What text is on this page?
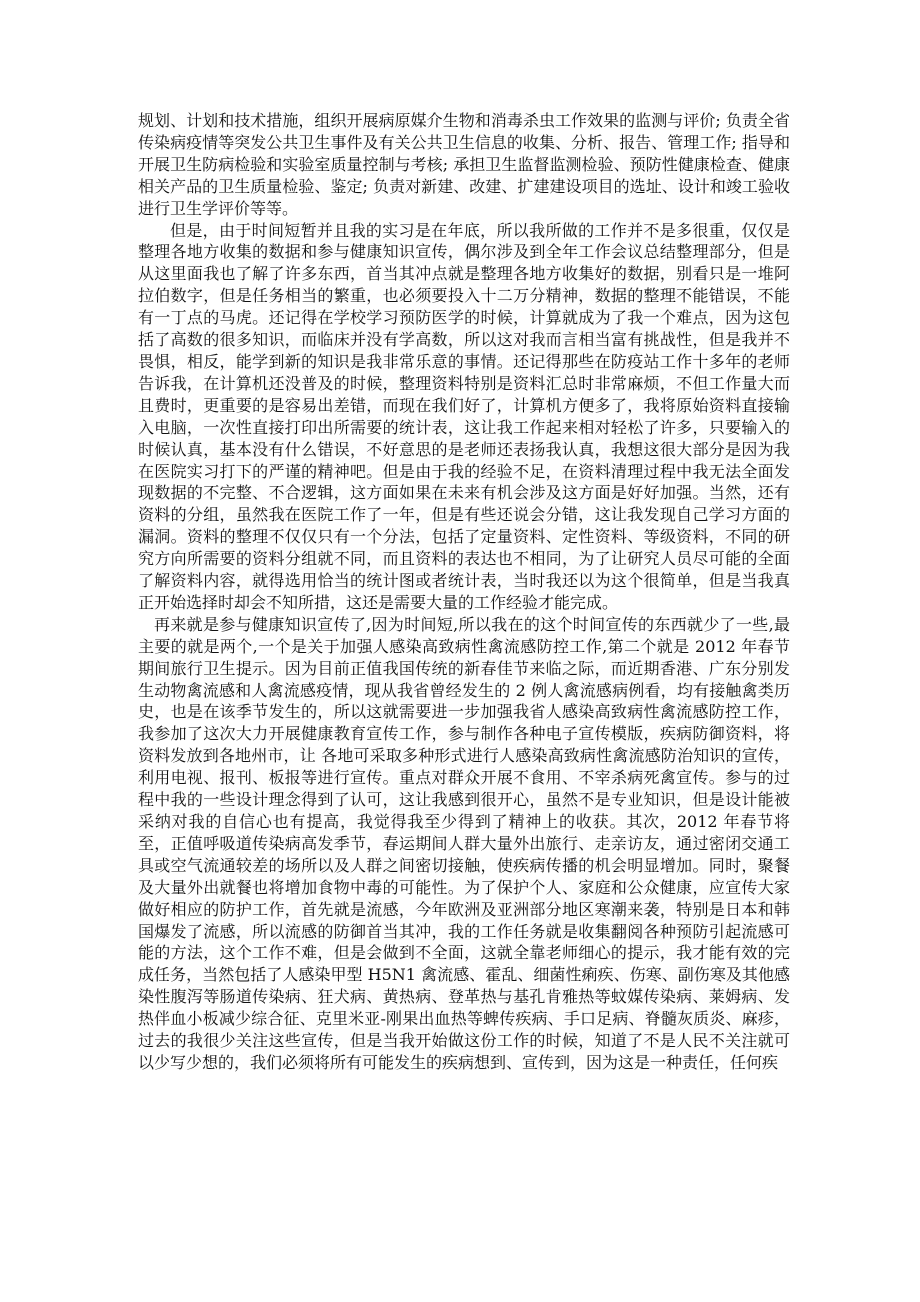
规划、计划和技术措施，组织开展病原媒介生物和消毒杀虫工作效果的监测与评价; 负责全省传染病疫情等突发公共卫生事件及有关公共卫生信息的收集、分析、报告、管理工作; 指导和开展卫生防病检验和实验室质量控制与考核; 承担卫生监督监测检验、预防性健康检查、健康相关产品的卫生质量检验、鉴定; 负责对新建、改建、扩建建设项目的选址、设计和竣工验收进行卫生学评价等等。

但是，由于时间短暂并且我的实习是在年底，所以我所做的工作并不是多很重，仅仅是整理各地方收集的数据和参与健康知识宣传，偶尔涉及到全年工作会议总结整理部分，但是从这里面我也了解了许多东西，首当其冲点就是整理各地方收集好的数据，别看只是一堆阿拉伯数字，但是任务相当的繁重，也必须要投入十二万分精神，数据的整理不能错误，不能有一丁点的马虎。还记得在学校学习预防医学的时候，计算就成为了我一个难点，因为这包括了高数的很多知识，而临床并没有学高数，所以这对我而言相当富有挑战性，但是我并不畏惧，相反，能学到新的知识是我非常乐意的事情。还记得那些在防疫站工作十多年的老师告诉我，在计算机还没普及的时候，整理资料特别是资料汇总时非常麻烦，不但工作量大而且费时，更重要的是容易出差错，而现在我们好了，计算机方便多了，我将原始资料直接输入电脑，一次性直接打印出所需要的统计表，这让我工作起来相对轻松了许多，只要输入的时候认真，基本没有什么错误，不好意思的是老师还表扬我认真，我想这很大部分是因为我在医院实习打下的严谨的精神吧。但是由于我的经验不足，在资料清理过程中我无法全面发现数据的不完整、不合逻辑，这方面如果在未来有机会涉及这方面是好好加强。当然，还有资料的分组，虽然我在医院工作了一年，但是有些还说会分错，这让我发现自己学习方面的漏洞。资料的整理不仅仅只有一个分法，包括了定量资料、定性资料、等级资料，不同的研究方向所需要的资料分组就不同，而且资料的表达也不相同，为了让研究人员尽可能的全面了解资料内容，就得选用恰当的统计图或者统计表，当时我还以为这个很简单，但是当我真正开始选择时却会不知所措，这还是需要大量的工作经验才能完成。

再来就是参与健康知识宣传了,因为时间短,所以我在的这个时间宣传的东西就少了一些,最主要的就是两个,一个是关于加强人感染高致病性禽流感防控工作,第二个就是 2012 年春节期间旅行卫生提示。因为目前正值我国传统的新春佳节来临之际，而近期香港、广东分别发生动物禽流感和人禽流感疫情，现从我省曾经发生的 2 例人禽流感病例看，均有接触禽类历史，也是在该季节发生的，所以这就需要进一步加强我省人感染高致病性禽流感防控工作，我参加了这次大力开展健康教育宣传工作，参与制作各种电子宣传模版，疾病防御资料，将资料发放到各地州市，让 各地可采取多种形式进行人感染高致病性禽流感防治知识的宣传，利用电视、报刊、板报等进行宣传。重点对群众开展不食用、不宰杀病死禽宣传。参与的过程中我的一些设计理念得到了认可，这让我感到很开心，虽然不是专业知识，但是设计能被采纳对我的自信心也有提高，我觉得我至少得到了精神上的收获。其次，2012 年春节将至，正值呼吸道传染病高发季节，春运期间人群大量外出旅行、走亲访友，通过密闭交通工具或空气流通较差的场所以及人群之间密切接触，使疾病传播的机会明显增加。同时，聚餐及大量外出就餐也将增加食物中毒的可能性。为了保护个人、家庭和公众健康，应宣传大家做好相应的防护工作，首先就是流感，今年欧洲及亚洲部分地区寒潮来袭，特别是日本和韩国爆发了流感，所以流感的防御首当其冲，我的工作任务就是收集翻阅各种预防引起流感可能的方法，这个工作不难，但是会做到不全面，这就全靠老师细心的提示，我才能有效的完成任务，当然包括了人感染甲型 H5N1 禽流感、霍乱、细菌性痢疾、伤寒、副伤寒及其他感染性腹泻等肠道传染病、狂犬病、黄热病、登革热与基孔肯雅热等蚊媒传染病、莱姆病、发热伴血小板减少综合征、克里米亚-刚果出血热等蜱传疾病、手口足病、脊髓灰质炎、麻疹，过去的我很少关注这些宣传，但是当我开始做这份工作的时候，知道了不是人民不关注就可以少写少想的，我们必须将所有可能发生的疾病想到、宣传到，因为这是一种责任，任何疾
